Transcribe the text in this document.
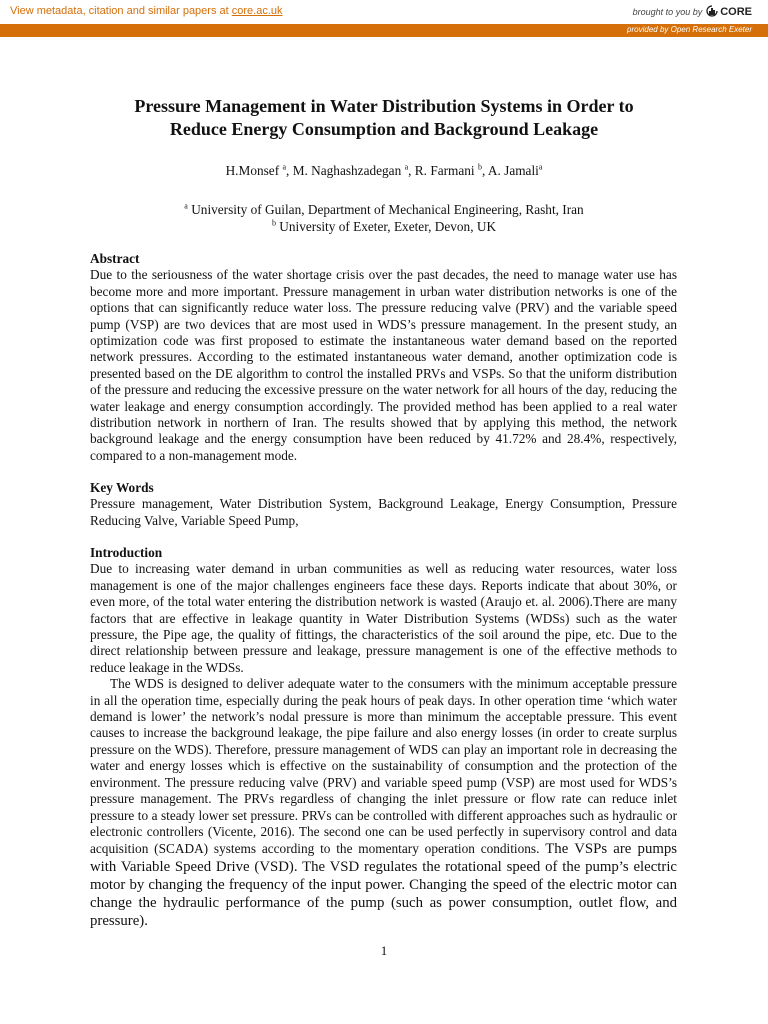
View metadata, citation and similar papers at core.ac.uk	brought to you by CORE
provided by Open Research Exeter
Pressure Management in Water Distribution Systems in Order to
Reduce Energy Consumption and Background Leakage
H.Monsef $^a$, M. Naghashzadegan $^a$, R. Farmani $^b$, A. Jamali$^a$
$^a$ University of Guilan, Department of Mechanical Engineering, Rasht, Iran
$^b$ University of Exeter, Exeter, Devon, UK
Abstract
Due to the seriousness of the water shortage crisis over the past decades, the need to manage water use has become more and more important. Pressure management in urban water distribution networks is one of the options that can significantly reduce water loss. The pressure reducing valve (PRV) and the variable speed pump (VSP) are two devices that are most used in WDS’s pressure management. In the present study, an optimization code was first proposed to estimate the instantaneous water demand based on the reported network pressures. According to the estimated instantaneous water demand, another optimization code is presented based on the DE algorithm to control the installed PRVs and VSPs. So that the uniform distribution of the pressure and reducing the excessive pressure on the water network for all hours of the day, reducing the water leakage and energy consumption accordingly. The provided method has been applied to a real water distribution network in northern of Iran. The results showed that by applying this method, the network background leakage and the energy consumption have been reduced by 41.72% and 28.4%, respectively, compared to a non-management mode.
Key Words
Pressure management, Water Distribution System, Background Leakage, Energy Consumption, Pressure Reducing Valve, Variable Speed Pump,
Introduction
Due to increasing water demand in urban communities as well as reducing water resources, water loss management is one of the major challenges engineers face these days. Reports indicate that about 30%, or even more, of the total water entering the distribution network is wasted (Araujo et. al. 2006).There are many factors that are effective in leakage quantity in Water Distribution Systems (WDSs) such as the water pressure, the Pipe age, the quality of fittings, the characteristics of the soil around the pipe, etc. Due to the direct relationship between pressure and leakage, pressure management is one of the effective methods to reduce leakage in the WDSs.
The WDS is designed to deliver adequate water to the consumers with the minimum acceptable pressure in all the operation time, especially during the peak hours of peak days. In other operation time ‘which water demand is lower’ the network’s nodal pressure is more than minimum the acceptable pressure. This event causes to increase the background leakage, the pipe failure and also energy losses (in order to create surplus pressure on the WDS). Therefore, pressure management of WDS can play an important role in decreasing the water and energy losses which is effective on the sustainability of consumption and the protection of the environment. The pressure reducing valve (PRV) and variable speed pump (VSP) are most used for WDS’s pressure management. The PRVs regardless of changing the inlet pressure or flow rate can reduce inlet pressure to a steady lower set pressure. PRVs can be controlled with different approaches such as hydraulic or electronic controllers (Vicente, 2016). The second one can be used perfectly in supervisory control and data acquisition (SCADA) systems according to the momentary operation conditions. The VSPs are pumps with Variable Speed Drive (VSD). The VSD regulates the rotational speed of the pump’s electric motor by changing the frequency of the input power. Changing the speed of the electric motor can change the hydraulic performance of the pump (such as power consumption, outlet flow, and pressure).
1
